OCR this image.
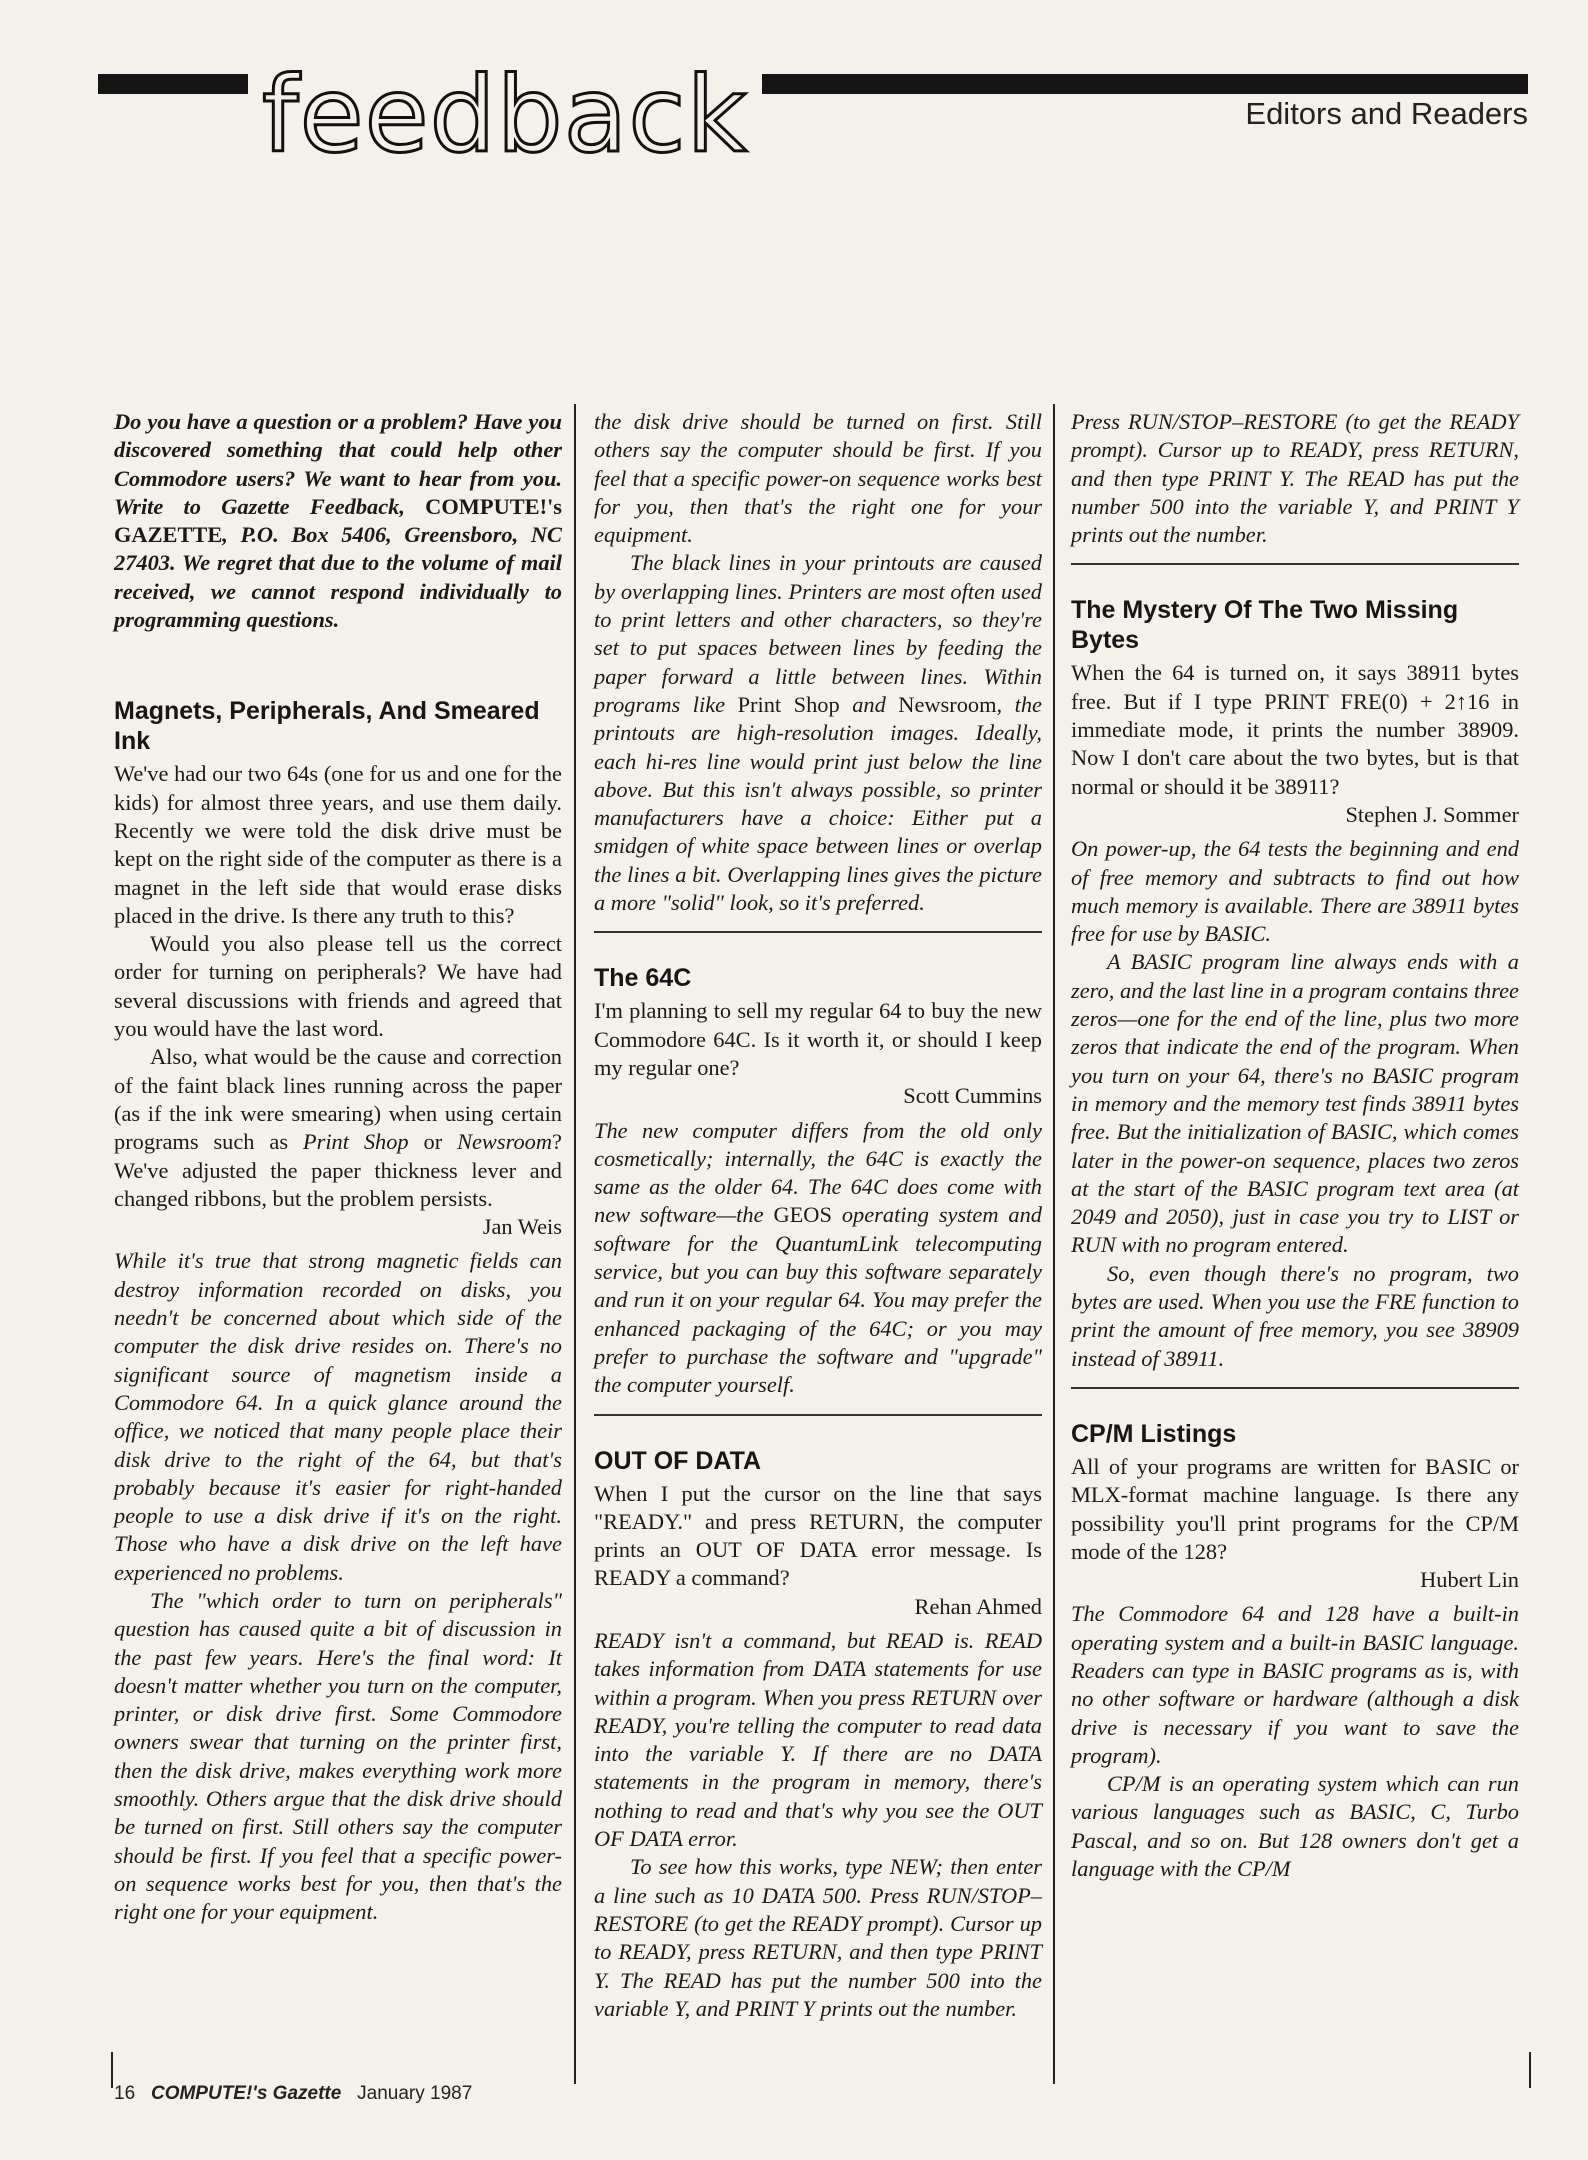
feedback	Editors and Readers

Do you have a question or a problem? Have you discovered something that could help other Commodore users? We want to hear from you. Write to Gazette Feedback, COMPUTE!'s GAZETTE, P.O. Box 5406, Greensboro, NC 27403. We regret that due to the volume of mail received, we cannot respond individually to programming questions.

Magnets, Peripherals, And Smeared Ink

We've had our two 64s (one for us and one for the kids) for almost three years, and use them daily. Recently we were told the disk drive must be kept on the right side of the computer as there is a magnet in the left side that would erase disks placed in the drive. Is there any truth to this?

Would you also please tell us the correct order for turning on peripherals? We have had several discussions with friends and agreed that you would have the last word.

Also, what would be the cause and correction of the faint black lines running across the paper (as if the ink were smearing) when using certain programs such as Print Shop or Newsroom? We've adjusted the paper thickness lever and changed ribbons, but the problem persists.

Jan Weis

While it's true that strong magnetic fields can destroy information recorded on disks, you needn't be concerned about which side of the computer the disk drive resides on. There's no significant source of magnetism inside a Commodore 64. In a quick glance around the office, we noticed that many people place their disk drive to the right of the 64, but that's probably because it's easier for right-handed people to use a disk drive if it's on the right. Those who have a disk drive on the left have experienced no problems.

The "which order to turn on peripherals" question has caused quite a bit of discussion in the past few years. Here's the final word: It doesn't matter whether you turn on the computer, printer, or disk drive first. Some Commodore owners swear that turning on the printer first, then the disk drive, makes everything work more smoothly. Others argue that the disk drive should be turned on first. Still others say the computer should be first. If you feel that a specific power-on sequence works best for you, then that's the right one for your equipment.

the disk drive should be turned on first. Still others say the computer should be first. If you feel that a specific power-on sequence works best for you, then that's the right one for your equipment.

The black lines in your printouts are caused by overlapping lines. Printers are most often used to print letters and other characters, so they're set to put spaces between lines by feeding the paper forward a little between lines. Within programs like Print Shop and Newsroom, the printouts are high-resolution images. Ideally, each hi-res line would print just below the line above. But this isn't always possible, so printer manufacturers have a choice: Either put a smidgen of white space between lines or overlap the lines a bit. Overlapping lines gives the picture a more "solid" look, so it's preferred.

The 64C

I'm planning to sell my regular 64 to buy the new Commodore 64C. Is it worth it, or should I keep my regular one?

Scott Cummins

The new computer differs from the old only cosmetically; internally, the 64C is exactly the same as the older 64. The 64C does come with new software—the GEOS operating system and software for the QuantumLink telecomputing service, but you can buy this software separately and run it on your regular 64. You may prefer the enhanced packaging of the 64C; or you may prefer to purchase the software and "upgrade" the computer yourself.

OUT OF DATA

When I put the cursor on the line that says "READY." and press RETURN, the computer prints an OUT OF DATA error message. Is READY a command?

Rehan Ahmed

READY isn't a command, but READ is. READ takes information from DATA statements for use within a program. When you press RETURN over READY, you're telling the computer to read data into the variable Y. If there are no DATA statements in the program in memory, there's nothing to read and that's why you see the OUT OF DATA error.

To see how this works, type NEW; then enter a line such as 10 DATA 500. Press RUN/STOP–RESTORE (to get the READY prompt). Cursor up to READY, press RETURN, and then type PRINT Y. The READ has put the number 500 into the variable Y, and PRINT Y prints out the number.

Press RUN/STOP–RESTORE (to get the READY prompt). Cursor up to READY, press RETURN, and then type PRINT Y. The READ has put the number 500 into the variable Y, and PRINT Y prints out the number.

The Mystery Of The Two Missing Bytes

When the 64 is turned on, it says 38911 bytes free. But if I type PRINT FRE(0) + 2↑16 in immediate mode, it prints the number 38909. Now I don't care about the two bytes, but is that normal or should it be 38911?

Stephen J. Sommer

On power-up, the 64 tests the beginning and end of free memory and subtracts to find out how much memory is available. There are 38911 bytes free for use by BASIC.

A BASIC program line always ends with a zero, and the last line in a program contains three zeros—one for the end of the line, plus two more zeros that indicate the end of the program. When you turn on your 64, there's no BASIC program in memory and the memory test finds 38911 bytes free. But the initialization of BASIC, which comes later in the power-on sequence, places two zeros at the start of the BASIC program text area (at 2049 and 2050), just in case you try to LIST or RUN with no program entered.

So, even though there's no program, two bytes are used. When you use the FRE function to print the amount of free memory, you see 38909 instead of 38911.

CP/M Listings

All of your programs are written for BASIC or MLX-format machine language. Is there any possibility you'll print programs for the CP/M mode of the 128?

Hubert Lin

The Commodore 64 and 128 have a built-in operating system and a built-in BASIC language. Readers can type in BASIC programs as is, with no other software or hardware (although a disk drive is necessary if you want to save the program).

CP/M is an operating system which can run various languages such as BASIC, C, Turbo Pascal, and so on. But 128 owners don't get a language with the CP/M

16 COMPUTE!'s Gazette January 1987
